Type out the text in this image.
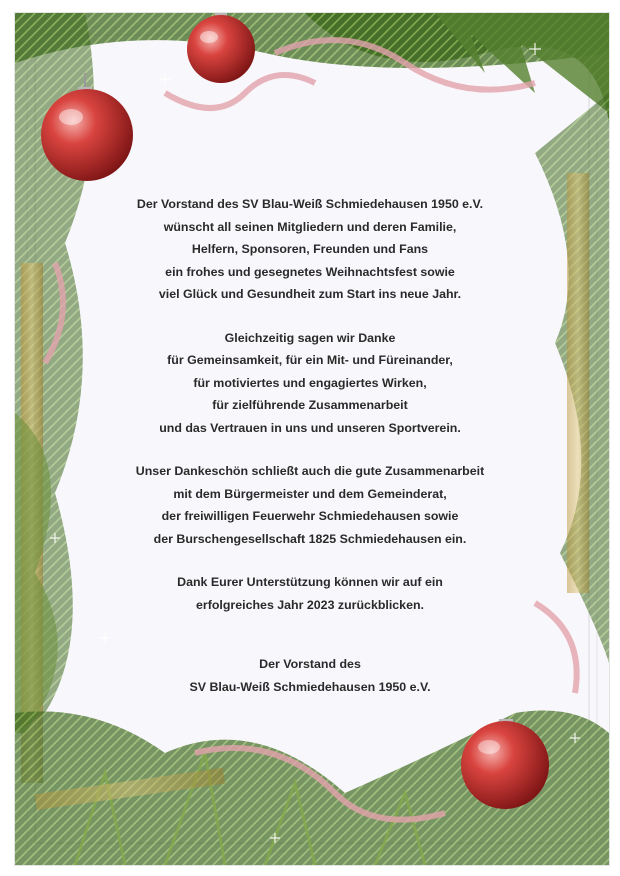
Der Vorstand des SV Blau-Weiß Schmiedehausen 1950 e.V.
wünscht all seinen Mitgliedern und deren Familie,
Helfern, Sponsoren, Freunden und Fans
ein frohes und gesegnetes Weihnachtsfest sowie
viel Glück und Gesundheit zum Start ins neue Jahr.

Gleichzeitig sagen wir Danke
für Gemeinsamkeit, für ein Mit- und Füreinander,
für motiviertes und engagiertes Wirken,
für zielführende Zusammenarbeit
und das Vertrauen in uns und unseren Sportverein.

Unser Dankeschön schließt auch die gute Zusammenarbeit
mit dem Bürgermeister und dem Gemeinderat,
der freiwilligen Feuerwehr Schmiedehausen sowie
der Burschengesellschaft 1825 Schmiedehausen ein.

Dank Eurer Unterstützung können wir auf ein
erfolgreiches Jahr 2023 zurückblicken.

Der Vorstand des
SV Blau-Weiß Schmiedehausen 1950 e.V.
